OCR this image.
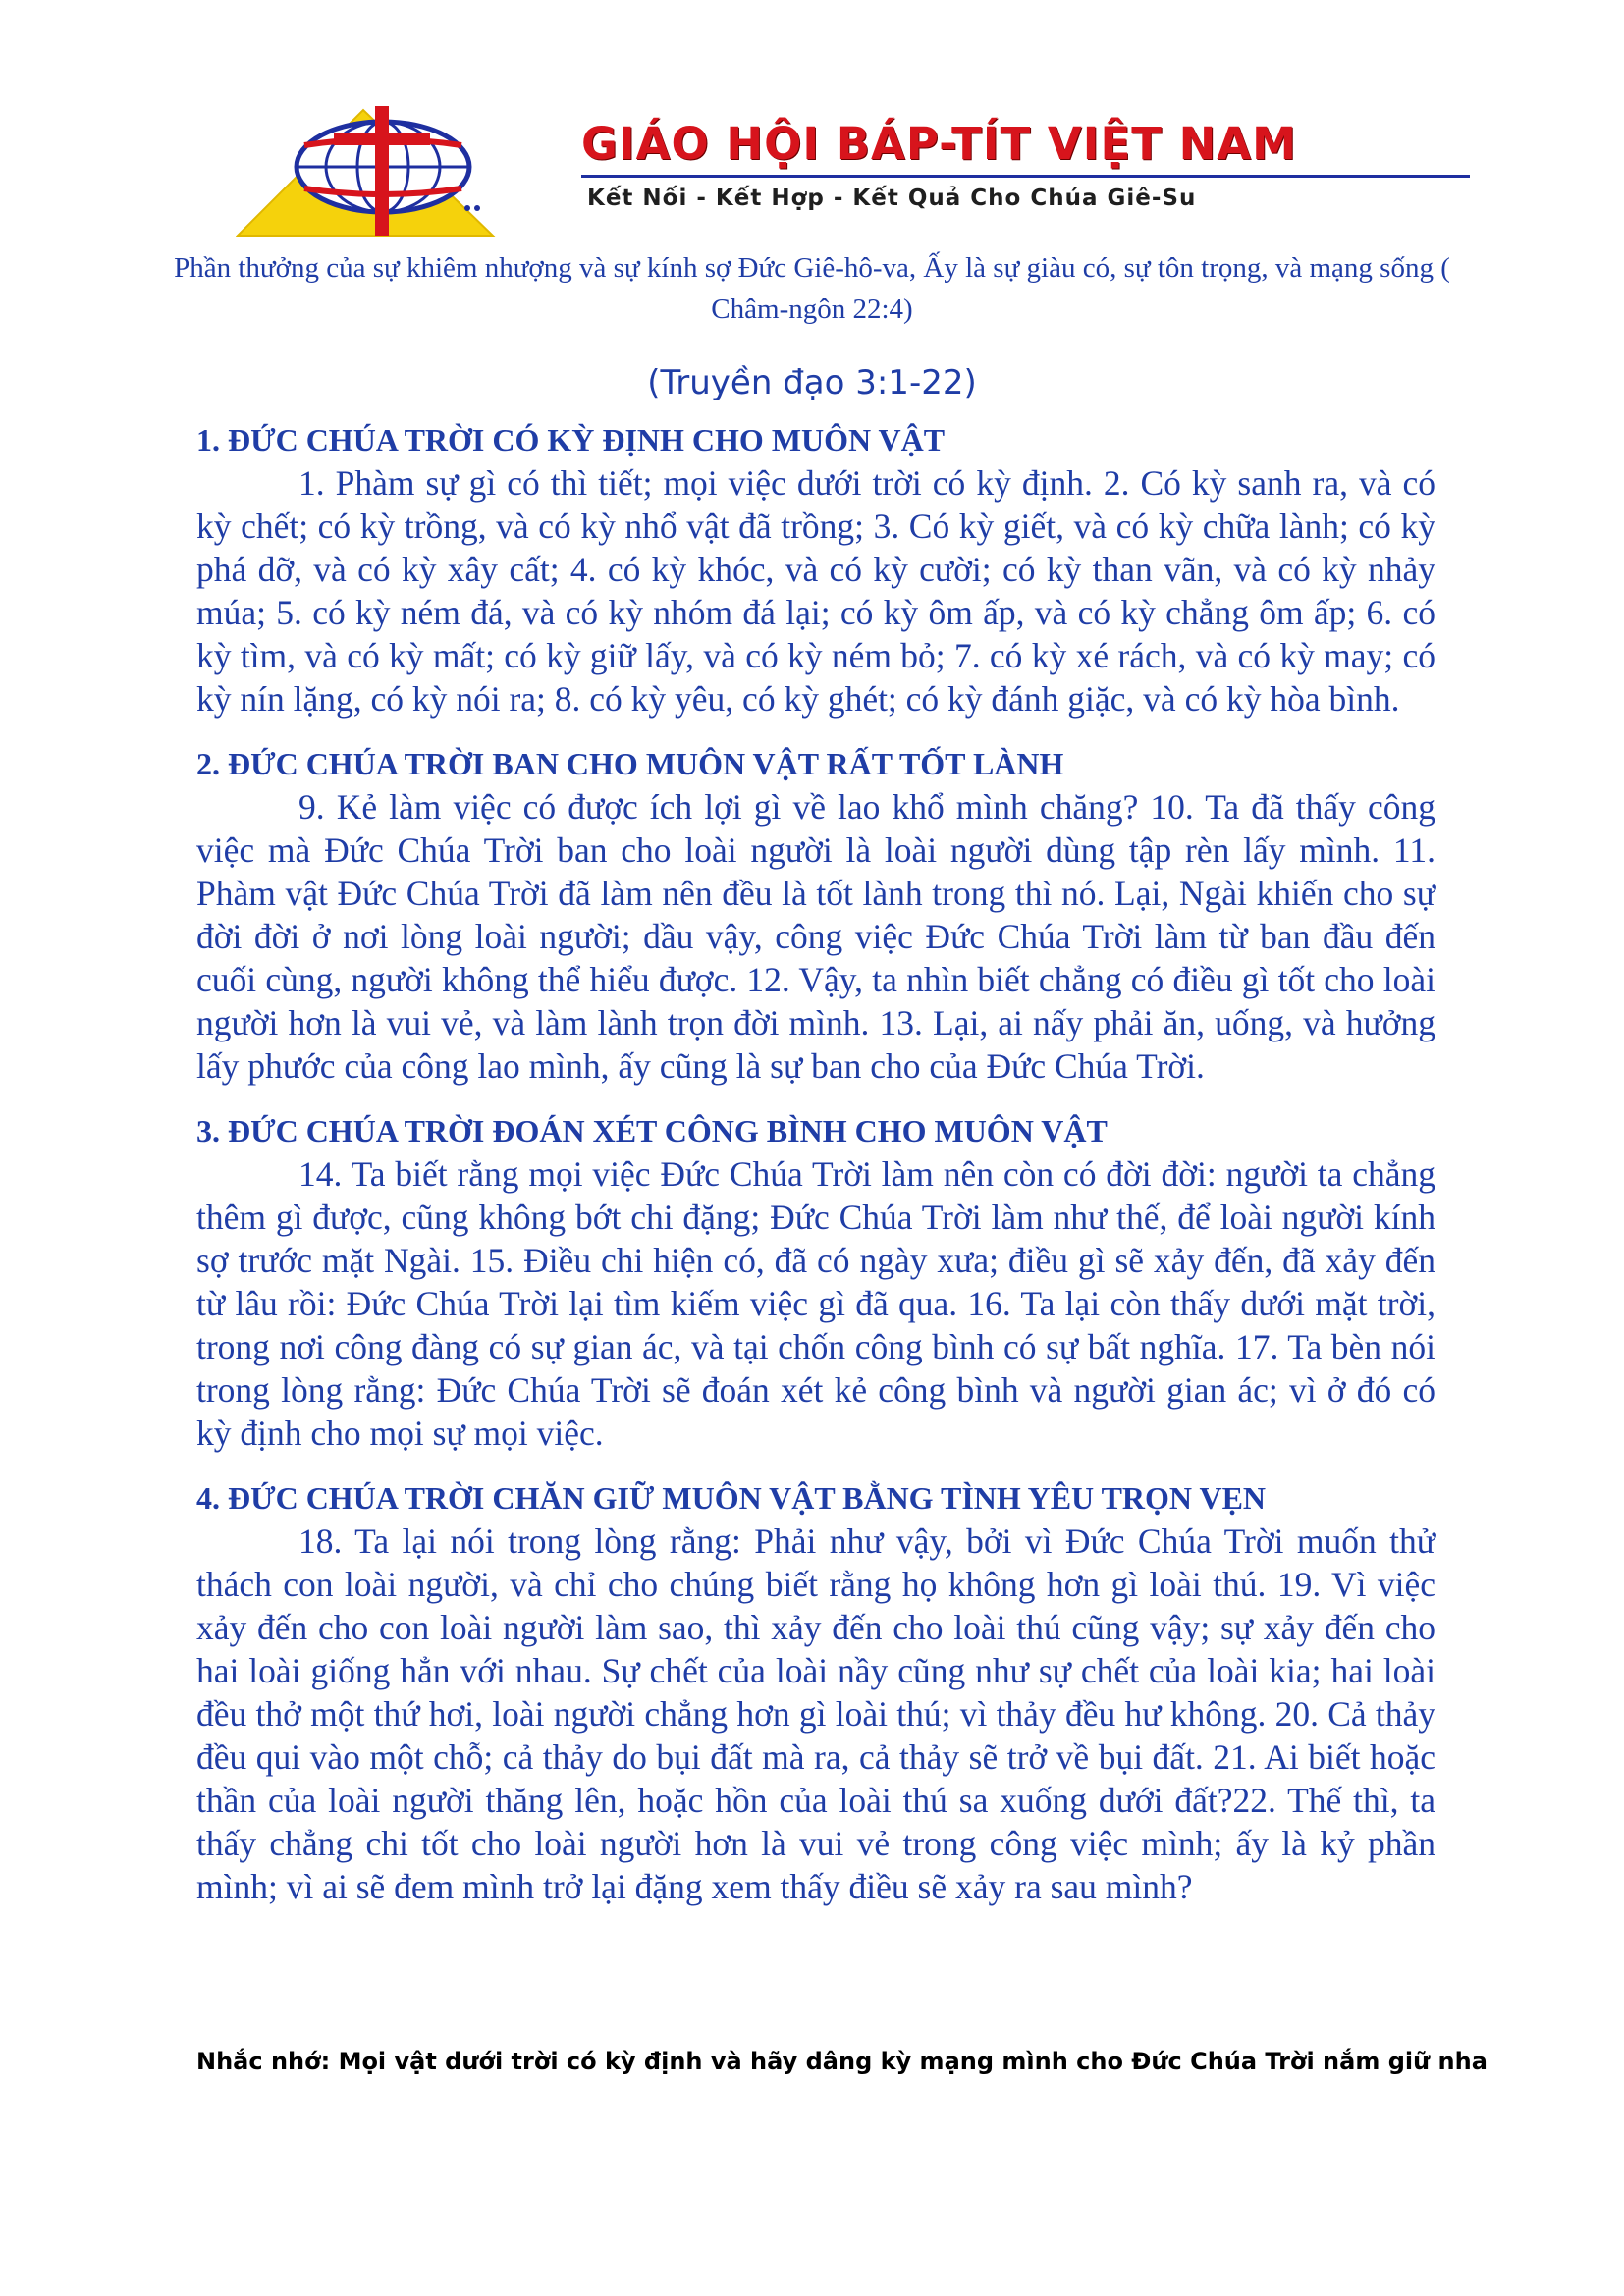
GIÁO HỘI BÁP-TÍT VIỆT NAM
Kết Nối - Kết Hợp - Kết Quả Cho Chúa Giê-Su
Phần thưởng của sự khiêm nhượng và sự kính sợ Đức Giê-hô-va, Ấy là sự giàu có, sự tôn trọng, và mạng sống ( Châm-ngôn 22:4)
(Truyền đạo 3:1-22)
1. ĐỨC CHÚA TRỜI CÓ KỲ ĐỊNH CHO MUÔN VẬT

1. Phàm sự gì có thì tiết; mọi việc dưới trời có kỳ định. 2. Có kỳ sanh ra, và có kỳ chết; có kỳ trồng, và có kỳ nhổ vật đã trồng; 3. Có kỳ giết, và có kỳ chữa lành; có kỳ phá dỡ, và có kỳ xây cất; 4. có kỳ khóc, và có kỳ cười; có kỳ than vãn, và có kỳ nhảy múa; 5. có kỳ ném đá, và có kỳ nhóm đá lại; có kỳ ôm ấp, và có kỳ chẳng ôm ấp; 6. có kỳ tìm, và có kỳ mất; có kỳ giữ lấy, và có kỳ ném bỏ; 7. có kỳ xé rách, và có kỳ may; có kỳ nín lặng, có kỳ nói ra; 8. có kỳ yêu, có kỳ ghét; có kỳ đánh giặc, và có kỳ hòa bình.

2. ĐỨC CHÚA TRỜI BAN CHO MUÔN VẬT RẤT TỐT LÀNH

9. Kẻ làm việc có được ích lợi gì về lao khổ mình chăng? 10. Ta đã thấy công việc mà Đức Chúa Trời ban cho loài người là loài người dùng tập rèn lấy mình. 11. Phàm vật Đức Chúa Trời đã làm nên đều là tốt lành trong thì nó. Lại, Ngài khiến cho sự đời đời ở nơi lòng loài người; dầu vậy, công việc Đức Chúa Trời làm từ ban đầu đến cuối cùng, người không thể hiểu được. 12. Vậy, ta nhìn biết chẳng có điều gì tốt cho loài người hơn là vui vẻ, và làm lành trọn đời mình. 13. Lại, ai nấy phải ăn, uống, và hưởng lấy phước của công lao mình, ấy cũng là sự ban cho của Đức Chúa Trời.

3. ĐỨC CHÚA TRỜI ĐOÁN XÉT CÔNG BÌNH CHO MUÔN VẬT

14. Ta biết rằng mọi việc Đức Chúa Trời làm nên còn có đời đời: người ta chẳng thêm gì được, cũng không bớt chi đặng; Đức Chúa Trời làm như thế, để loài người kính sợ trước mặt Ngài. 15. Điều chi hiện có, đã có ngày xưa; điều gì sẽ xảy đến, đã xảy đến từ lâu rồi: Đức Chúa Trời lại tìm kiếm việc gì đã qua. 16. Ta lại còn thấy dưới mặt trời, trong nơi công đàng có sự gian ác, và tại chốn công bình có sự bất nghĩa. 17. Ta bèn nói trong lòng rằng: Đức Chúa Trời sẽ đoán xét kẻ công bình và người gian ác; vì ở đó có kỳ định cho mọi sự mọi việc.

4. ĐỨC CHÚA TRỜI CHĂN GIỮ MUÔN VẬT BẰNG TÌNH YÊU TRỌN VẸN

18. Ta lại nói trong lòng rằng: Phải như vậy, bởi vì Đức Chúa Trời muốn thử thách con loài người, và chỉ cho chúng biết rằng họ không hơn gì loài thú. 19. Vì việc xảy đến cho con loài người làm sao, thì xảy đến cho loài thú cũng vậy; sự xảy đến cho hai loài giống hẳn với nhau. Sự chết của loài nầy cũng như sự chết của loài kia; hai loài đều thở một thứ hơi, loài người chẳng hơn gì loài thú; vì thảy đều hư không. 20. Cả thảy đều qui vào một chỗ; cả thảy do bụi đất mà ra, cả thảy sẽ trở về bụi đất. 21. Ai biết hoặc thần của loài người thăng lên, hoặc hồn của loài thú sa xuống dưới đất?22. Thế thì, ta thấy chẳng chi tốt cho loài người hơn là vui vẻ trong công việc mình; ấy là kỷ phần mình; vì ai sẽ đem mình trở lại đặng xem thấy điều sẽ xảy ra sau mình?

Nhắc nhớ: Mọi vật dưới trời có kỳ định và hãy dâng kỳ mạng mình cho Đức Chúa Trời nắm giữ nha
